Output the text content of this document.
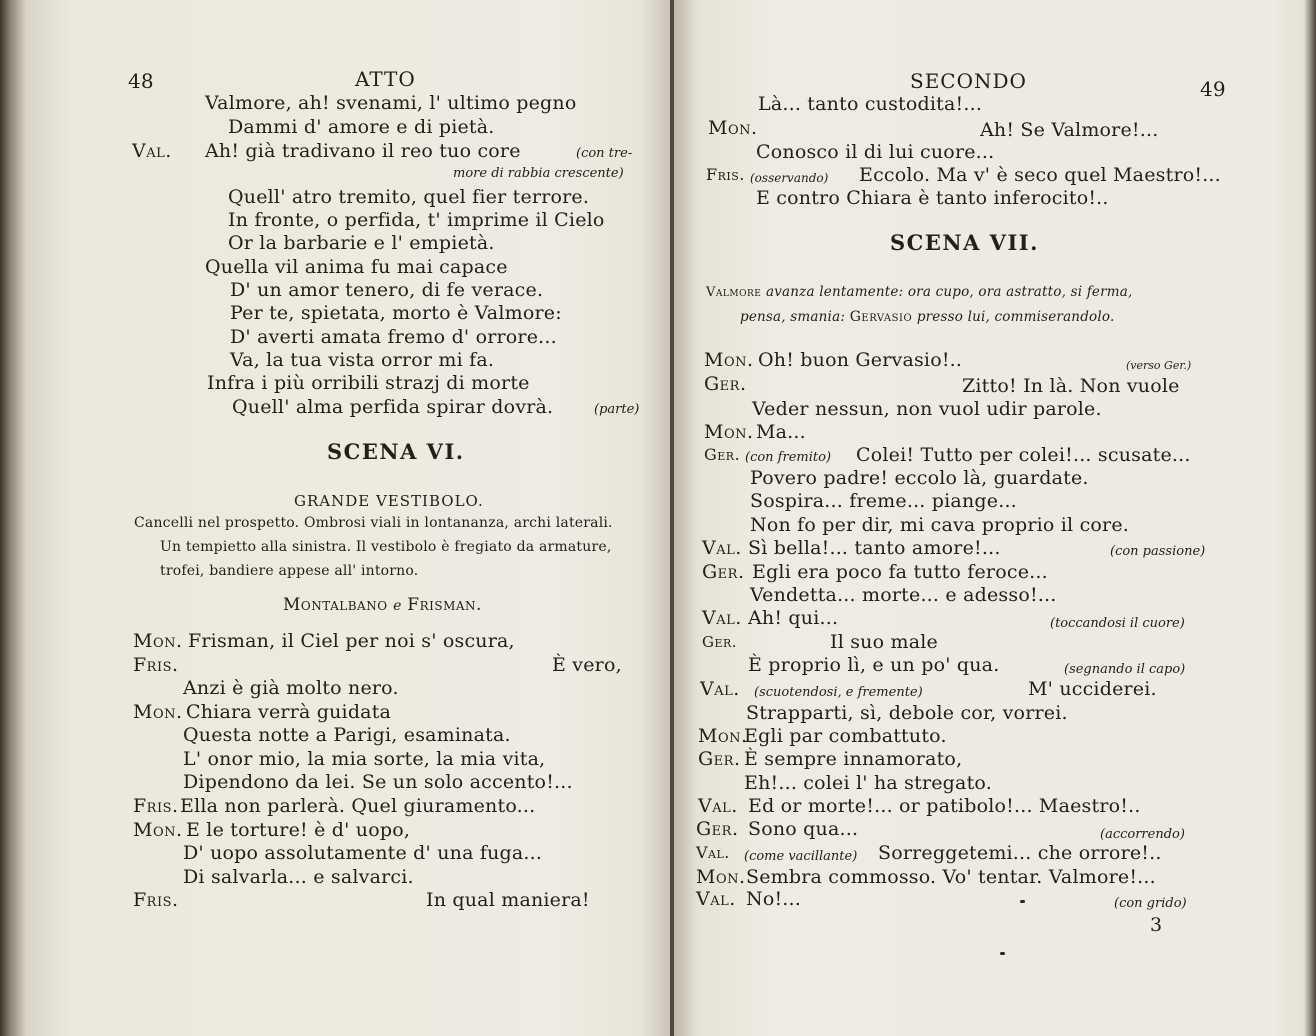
48	ATTO
Valmore, ah! svenami, l' ultimo pegno
Dammi d' amore e di pietà.
Val. Ah! già tradivano il reo tuo core	(con tre-
more di rabbia crescente)
Quell' atro tremito, quel fier terrore.
In fronte, o perfida, t' imprime il Cielo
Or la barbarie e l' empietà.
Quella vil anima fu mai capace
D' un amor tenero, di fe verace.
Per te, spietata, morto è Valmore:
D' averti amata fremo d' orrore...
Va, la tua vista orror mi fa.
Infra i più orribili strazj di morte
Quell' alma perfida spirar dovrà.	(parte)
SCENA VI.
GRANDE VESTIBOLO.
Cancelli nel prospetto. Ombrosi viali in lontananza, archi laterali.
Un tempietto alla sinistra. Il vestibolo è fregiato da armature,
trofei, bandiere appese all' intorno.
Montalbano e Frisman.
Mon. Frisman, il Ciel per noi s' oscura,
Fris.	È vero,
Anzi è già molto nero.
Mon. Chiara verrà guidata
Questa notte a Parigi, esaminata.
L' onor mio, la mia sorte, la mia vita,
Dipendono da lei. Se un solo accento!...
Fris. Ella non parlerà. Quel giuramento...
Mon. E le torture! è d' uopo,
D' uopo assolutamente d' una fuga...
Di salvarla... e salvarci.
Fris.	In qual maniera!
SECONDO	49
Là... tanto custodita!...
Mon.	Ah! Se Valmore!...
Conosco il di lui cuore...
Fris. (osservando) Eccolo. Ma v' è seco quel Maestro!...
E contro Chiara è tanto inferocito!..
SCENA VII.
Valmore avanza lentamente: ora cupo, ora astratto, si ferma,
pensa, smania: Gervasio presso lui, commiserandolo.
Mon. Oh! buon Gervasio!..	(verso Ger.)
Ger.	Zitto! In là. Non vuole
Veder nessun, non vuol udir parole.
Mon. Ma...
Ger. (con fremito) Colei! Tutto per colei!... scusate...
Povero padre! eccolo là, guardate.
Sospira... freme... piange...
Non fo per dir, mi cava proprio il core.
Val. Sì bella!... tanto amore!...	(con passione)
Ger. Egli era poco fa tutto feroce...
Vendetta... morte... e adesso!...
Val. Ah! qui...	(toccandosi il cuore)
Ger.	Il suo male
È proprio lì, e un po' qua.	(segnando il capo)
Val. (scuotendosi, e fremente)	M' ucciderei.
Strapparti, sì, debole cor, vorrei.
Mon.
Egli par combattuto.
Ger. È sempre innamorato,
Eh!... colei l' ha stregato.
Val. Ed or morte!... or patibolo!... Maestro!..
Ger. Sono qua...	(accorrendo)
Val. (come vacillante) Sorreggetemi... che orrore!..
Mon. Sembra commosso. Vo' tentar. Valmore!...
Val. No!...	(con grido)
3
